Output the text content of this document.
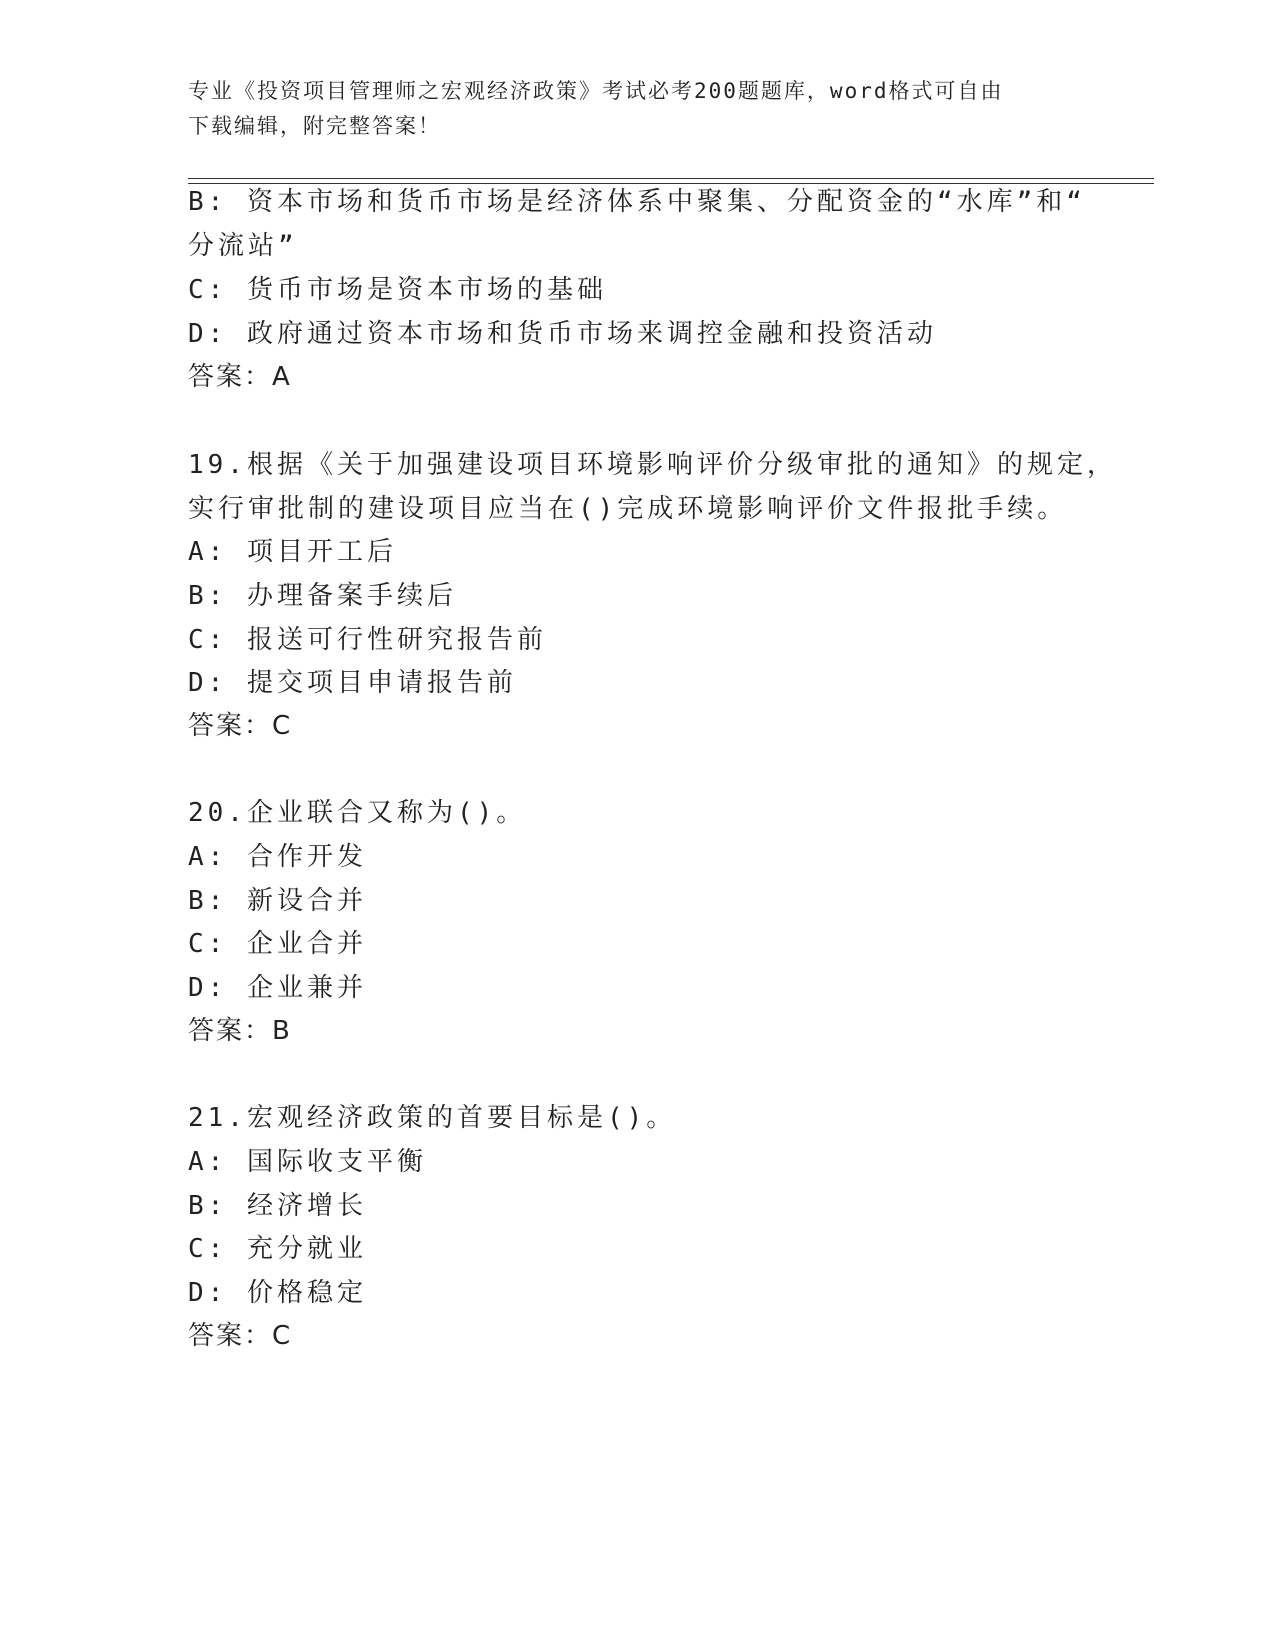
专业《投资项目管理师之宏观经济政策》考试必考200题题库，word格式可自由
下载编辑，附完整答案！
B: 资本市场和货币市场是经济体系中聚集、分配资金的“水库”和“
分流站”
C: 货币市场是资本市场的基础
D: 政府通过资本市场和货币市场来调控金融和投资活动
答案：A
19.根据《关于加强建设项目环境影响评价分级审批的通知》的规定，
实行审批制的建设项目应当在()完成环境影响评价文件报批手续。
A: 项目开工后
B: 办理备案手续后
C: 报送可行性研究报告前
D: 提交项目申请报告前
答案：C
20.企业联合又称为()。
A: 合作开发
B: 新设合并
C: 企业合并
D: 企业兼并
答案：B
21.宏观经济政策的首要目标是()。
A: 国际收支平衡
B: 经济增长
C: 充分就业
D: 价格稳定
答案：C
